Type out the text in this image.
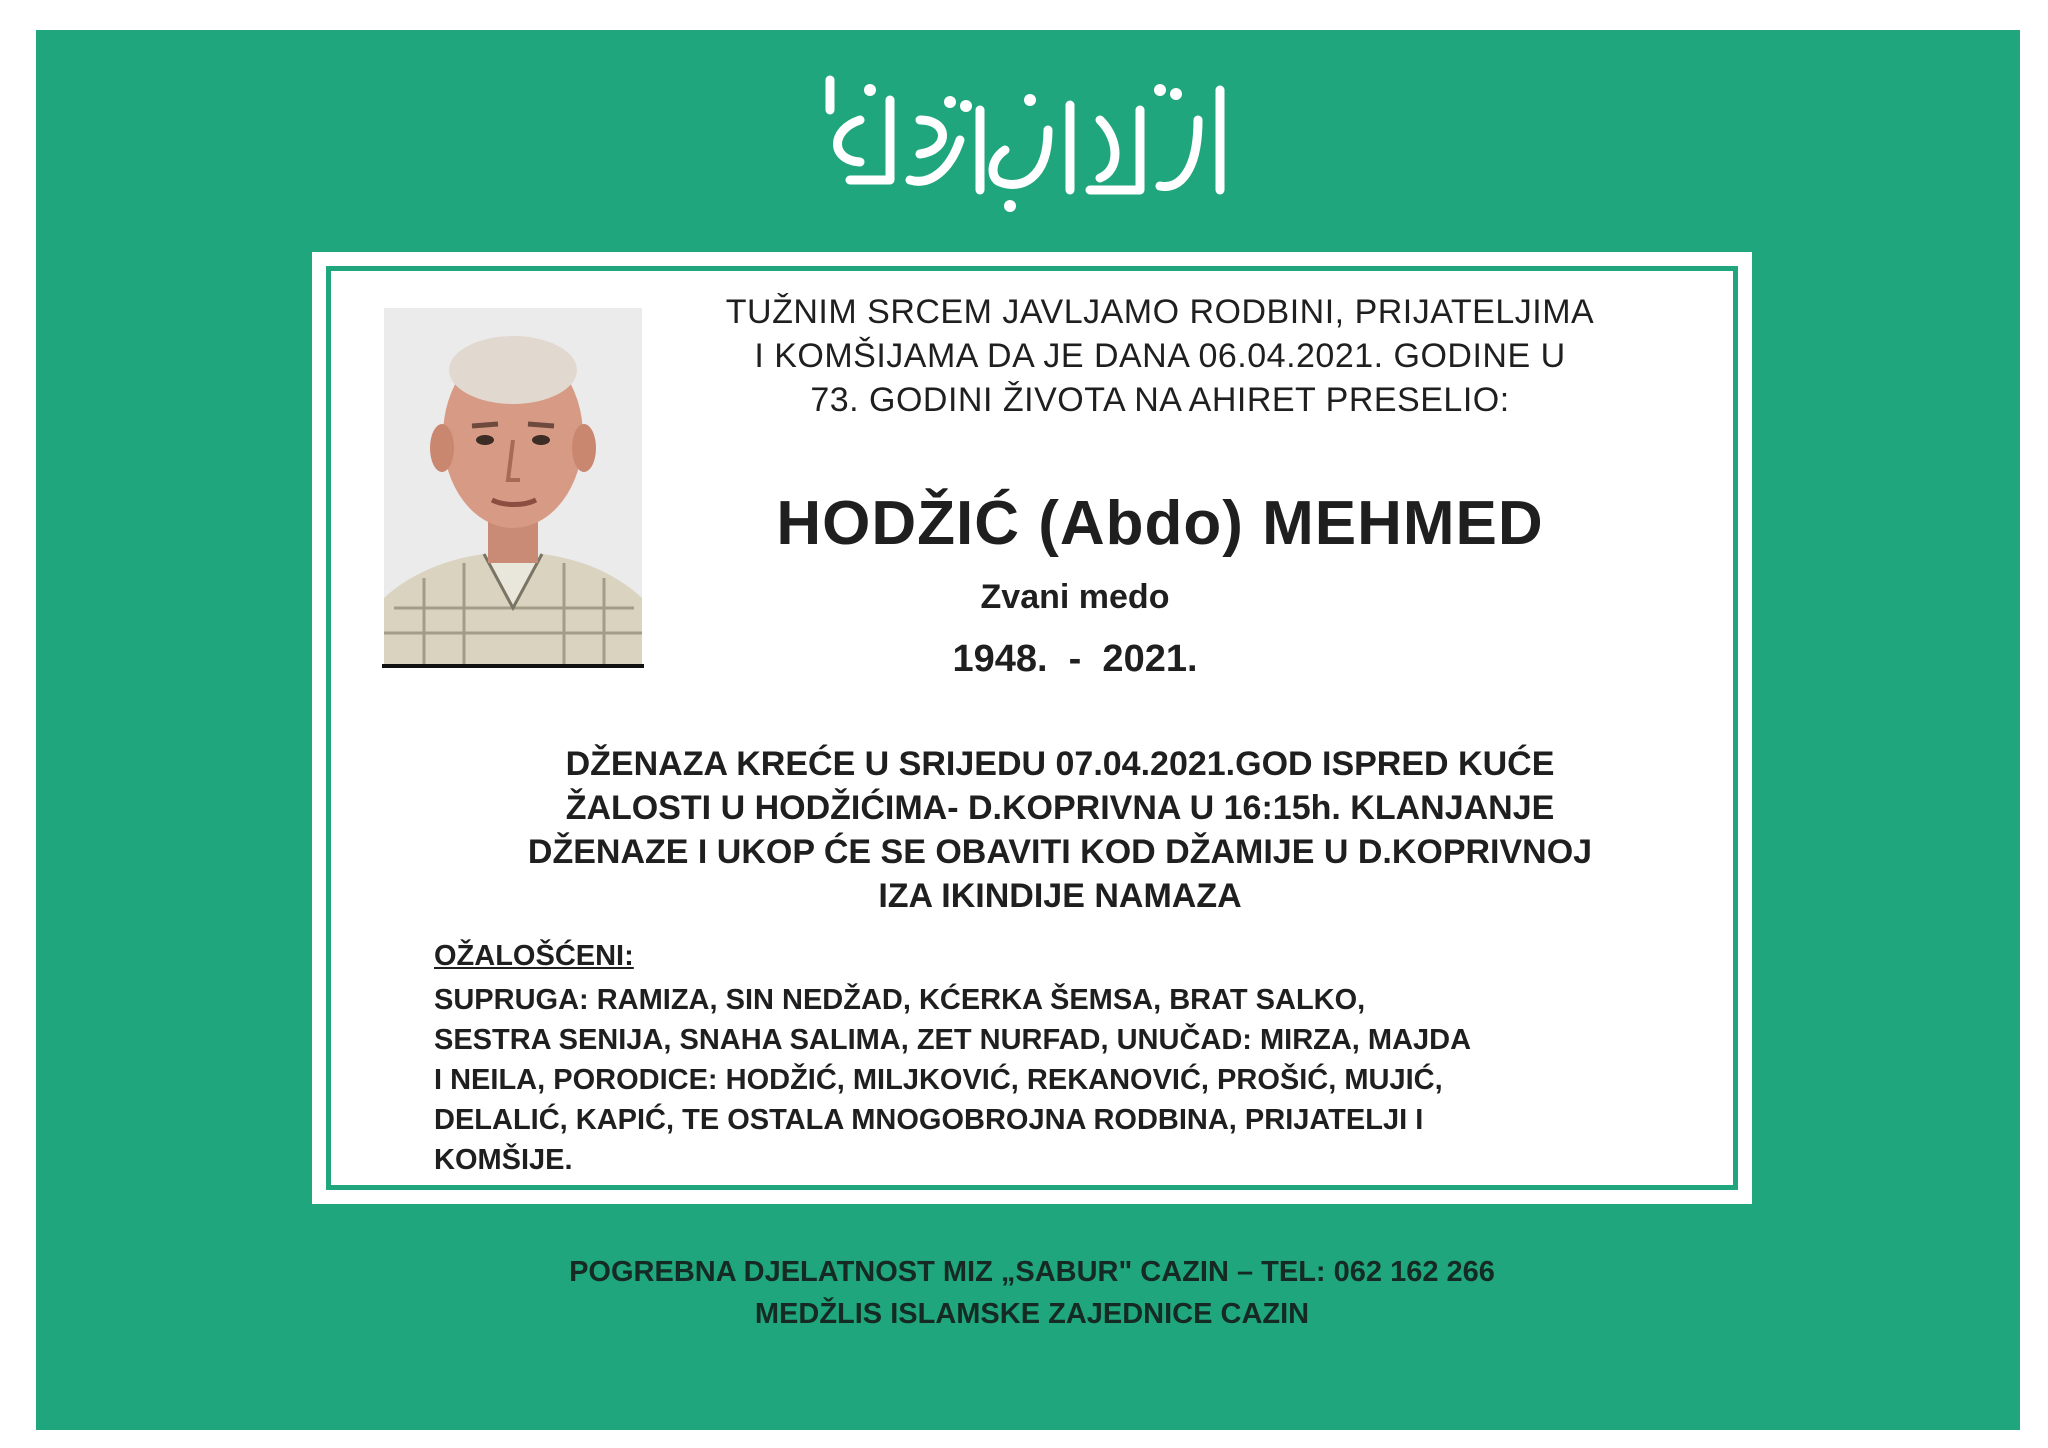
TUŽNIM SRCEM JAVLJAMO RODBINI, PRIJATELJIMA
I KOMŠIJAMA DA JE DANA 06.04.2021. GODINE U
73. GODINI ŽIVOTA NA AHIRET PRESELIO:
HODŽIĆ (Abdo) MEHMED
Zvani medo
1948.  -  2021.
DŽENAZA KREĆE U SRIJEDU 07.04.2021.GOD ISPRED KUĆE
ŽALOSTI U HODŽIĆIMA- D.KOPRIVNA U 16:15h. KLANJANJE
DŽENAZE I UKOP ĆE SE OBAVITI KOD DŽAMIJE U D.KOPRIVNOJ
IZA IKINDIJE NAMAZA
OŽALOŠĆENI:
SUPRUGA: RAMIZA, SIN NEDŽAD, KĆERKA ŠEMSA, BRAT SALKO,
SESTRA SENIJA, SNAHA SALIMA, ZET NURFAD, UNUČAD: MIRZA, MAJDA
I NEILA, PORODICE: HODŽIĆ, MILJKOVIĆ, REKANOVIĆ, PROŠIĆ, MUJIĆ,
DELALIĆ, KAPIĆ, TE OSTALA MNOGOBROJNA RODBINA, PRIJATELJI I
KOMŠIJE.
POGREBNA DJELATNOST MIZ „SABUR" CAZIN – TEL: 062 162 266
MEDŽLIS ISLAMSKE ZAJEDNICE CAZIN
